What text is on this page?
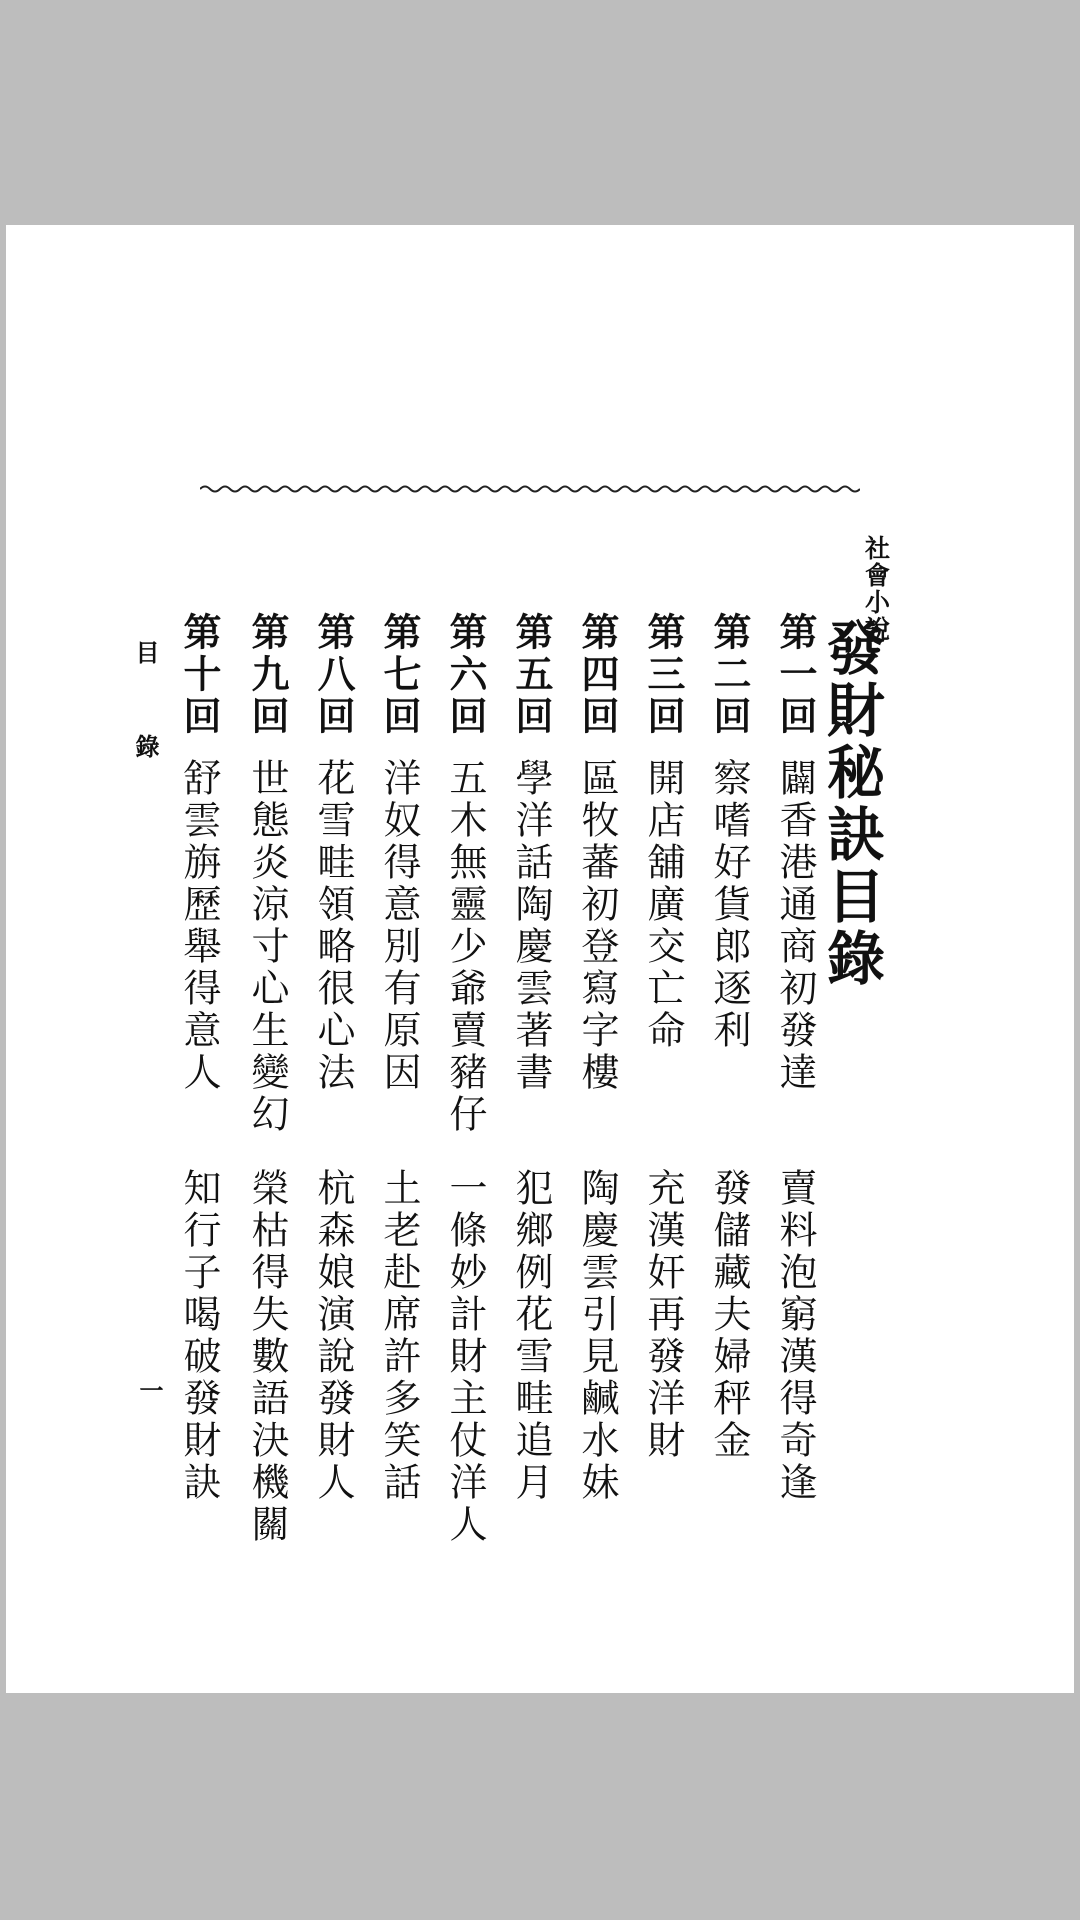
社會小說
發財秘訣目錄
第一回
闢香港通商初發達
賣料泡窮漢得奇逢
第二回
察嗜好貨郎逐利
發儲藏夫婦秤金
第三回
開店舖廣交亡命
充漢奸再發洋財
第四回
區牧蕃初登寫字樓
陶慶雲引見鹹水妹
第五回
學洋話陶慶雲著書
犯鄉例花雪畦追月
第六回
五木無靈少爺賣豬仔
一條妙計財主仗洋人
第七回
洋奴得意別有原因
土老赴席許多笑話
第八回
花雪畦領略很心法
杭森娘演說發財人
第九回
世態炎涼寸心生變幻
榮枯得失數語決機關
第十回
舒雲旃歷舉得意人
知行子喝破發財訣
目錄
一
